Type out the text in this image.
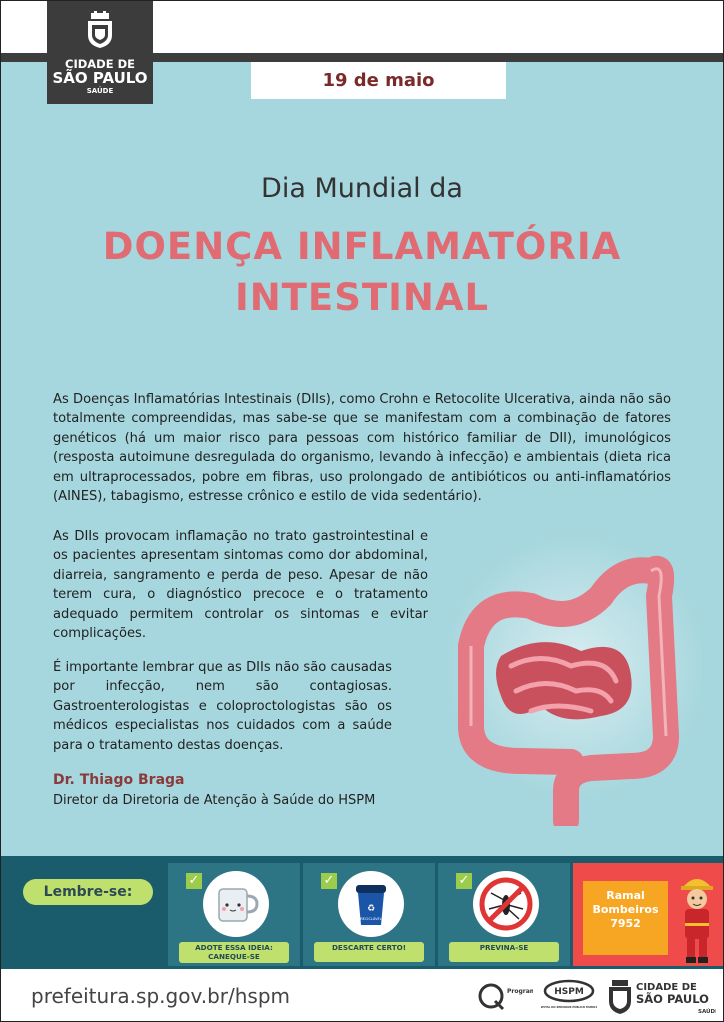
CIDADE DE
SÃO PAULO
SAÚDE	19 de maio
Dia Mundial da
DOENÇA INFLAMATÓRIA
INTESTINAL
As Doenças Inflamatórias Intestinais (DIIs), como Crohn e Retocolite Ulcerativa, ainda não são totalmente compreendidas, mas sabe-se que se manifestam com a combinação de fatores genéticos (há um maior risco para pessoas com histórico familiar de DII), imunológicos (resposta autoimune desregulada do organismo, levando à infecção) e ambientais (dieta rica em ultraprocessados, pobre em fibras, uso prolongado de antibióticos ou anti-inflamatórios (AINES), tabagismo, estresse crônico e estilo de vida sedentário).
As DIIs provocam inflamação no trato gastrointestinal e os pacientes apresentam sintomas como dor abdominal, diarreia, sangramento e perda de peso. Apesar de não terem cura, o diagnóstico precoce e o tratamento adequado permitem controlar os sintomas e evitar complicações.
É importante lembrar que as DIIs não são causadas por infecção, nem são contagiosas. Gastroenterologistas e coloproctologistas são os médicos especialistas nos cuidados com a saúde para o tratamento destas doenças.
Dr. Thiago Braga
Diretor da Diretoria de Atenção à Saúde do HSPM
Lembre-se:
✓
ADOTE ESSA IDEIA: CANEQUE-SE
✓
♻
RECICLÁVEL
DESCARTE CERTO!
✓
PREVINA-SE
Ramal
Bombeiros
7952
prefeitura.sp.gov.br/hspm	Progra	HSPM
PITAL DO SERVIDOR PÚBLICO MUNICI
CIDADE DE
SÃO PAULO
SAÚD
